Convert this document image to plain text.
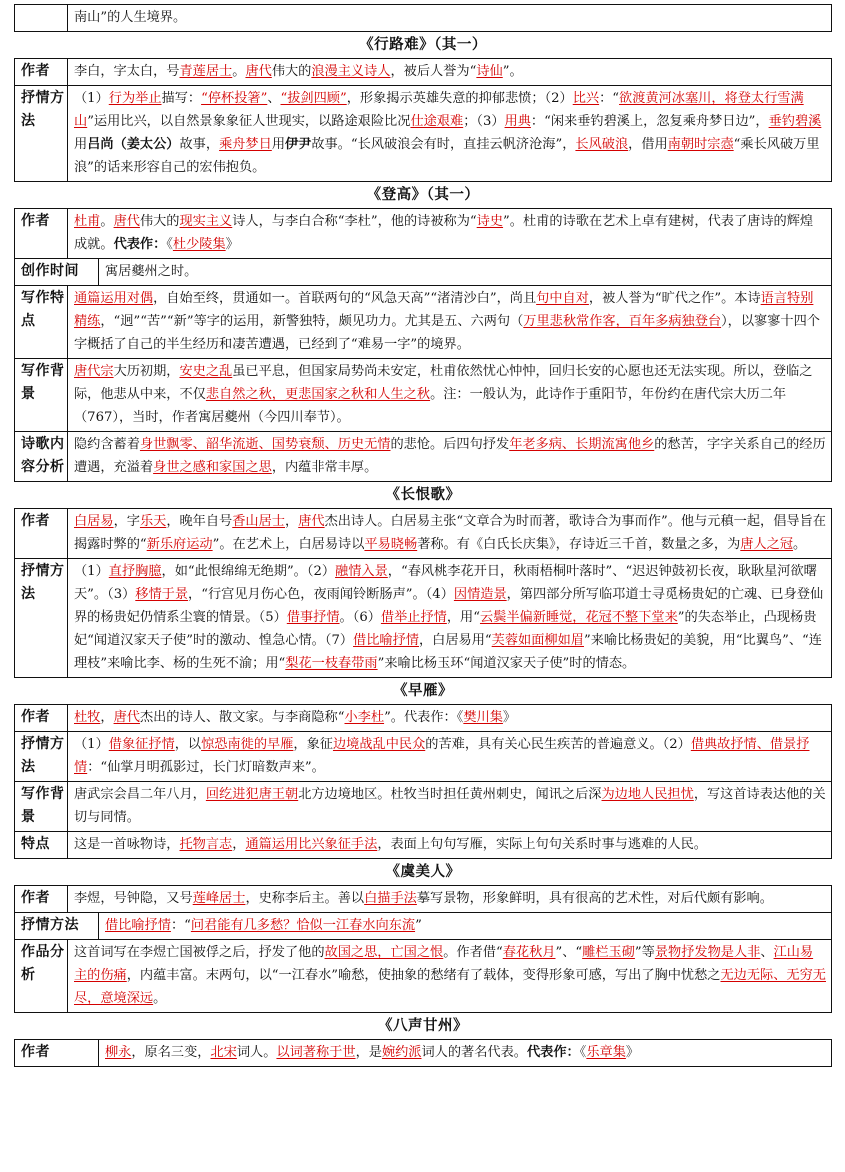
	南山”的人生境界。
《行路难》（其一）
作者	李白，字太白，号青莲居士。唐代伟大的浪漫主义诗人，被后人誉为“诗仙”。
抒情方法	（1）行为举止描写：“停杯投箸”、“拔剑四顾”，形象揭示英雄失意的抑郁悲愤；（2）比兴：“欲渡黄河冰塞川，将登太行雪满山”运用比兴，以自然景象象征人世现实，以路途艰险比况仕途艰难；（3）用典：“闲来垂钓碧溪上，忽复乘舟梦日边”，垂钓碧溪用吕尚（姜太公）故事，乘舟梦日用伊尹故事。“长风破浪会有时，直挂云帆济沧海”，长风破浪，借用南朝时宗悫“乘长风破万里浪”的话来形容自己的宏伟抱负。
《登高》（其一）
作者	杜甫。唐代伟大的现实主义诗人，与李白合称“李杜”，他的诗被称为“诗史”。杜甫的诗歌在艺术上卓有建树，代表了唐诗的辉煌成就。代表作：《杜少陵集》	
创作时间		寓居夔州之时。
写作特点	通篇运用对偶，自始至终，贯通如一。首联两句的“风急天高”“渚清沙白”，尚且句中自对，被人誉为“旷代之作”。本诗语言特别精练，“迥”“苦”“新”等字的运用，新警独特，颇见功力。尤其是五、六两句（万里悲秋常作客，百年多病独登台），以寥寥十四个字概括了自己的半生经历和凄苦遭遇，已经到了“难易一字”的境界。	
写作背景	唐代宗大历初期，安史之乱虽已平息，但国家局势尚未安定，杜甫依然忧心忡忡，回归长安的心愿也还无法实现。所以，登临之际，他悲从中来，不仅悲自然之秋，更悲国家之秋和人生之秋。注：一般认为，此诗作于重阳节，年份约在唐代宗大历二年（767），当时，作者寓居夔州（今四川奉节）。	
诗歌内容分析	隐约含蓄着身世飘零、韶华流逝、国势衰颓、历史无情的悲怆。后四句抒发年老多病、长期流寓他乡的愁苦，字字关系自己的经历遭遇，充溢着身世之感和家国之思，内蕴非常丰厚。	
《长恨歌》
作者	白居易，字乐天，晚年自号香山居士，唐代杰出诗人。白居易主张“文章合为时而著，歌诗合为事而作”。他与元稹一起，倡导旨在揭露时弊的“新乐府运动”。在艺术上，白居易诗以平易晓畅著称。有《白氏长庆集》，存诗近三千首，数量之多，为唐人之冠。
抒情方法	（1）直抒胸臆，如“此恨绵绵无绝期”。（2）融情入景，“春风桃李花开日，秋雨梧桐叶落时”、“迟迟钟鼓初长夜，耿耿星河欲曙天”。（3）移情于景，“行宫见月伤心色，夜雨闻铃断肠声”。（4）因情造景，第四部分所写临邛道士寻觅杨贵妃的亡魂、已身登仙界的杨贵妃仍情系尘寰的情景。（5）借事抒情。（6）借举止抒情，用“云鬓半偏新睡觉，花冠不整下堂来”的失态举止，凸现杨贵妃“闻道汉家天子使”时的激动、惶急心情。（7）借比喻抒情，白居易用“芙蓉如面柳如眉”来喻比杨贵妃的美貌，用“比翼鸟”、“连理枝”来喻比李、杨的生死不渝；用“梨花一枝春带雨”来喻比杨玉环“闻道汉家天子使”时的情态。
《早雁》
作者	杜牧，唐代杰出的诗人、散文家。与李商隐称“小李杜”。代表作：《樊川集》
抒情方法	（1）借象征抒情，以惊恐南徙的早雁，象征边境战乱中民众的苦难，具有关心民生疾苦的普遍意义。（2）借典故抒情、借景抒情：“仙掌月明孤影过，长门灯暗数声来”。
写作背景	唐武宗会昌二年八月，回纥进犯唐王朝北方边境地区。杜牧当时担任黄州刺史，闻讯之后深为边地人民担忧，写这首诗表达他的关切与同情。
特点	这是一首咏物诗，托物言志，通篇运用比兴象征手法，表面上句句写雁，实际上句句关系时事与逃难的人民。
《虞美人》
作者	李煜，号钟隐，又号莲峰居士，史称李后主。善以白描手法摹写景物，形象鲜明，具有很高的艺术性，对后代颇有影响。	
抒情方法		借比喻抒情：“问君能有几多愁？恰似一江春水向东流”
作品分析	这首词写在李煜亡国被俘之后，抒发了他的故国之思，亡国之恨。作者借“春花秋月”、“雕栏玉砌”等景物抒发物是人非、江山易主的伤痛，内蕴丰富。末两句，以“一江春水”喻愁，使抽象的愁绪有了载体，变得形象可感，写出了胸中忧愁之无边无际、无穷无尽，意境深远。	
《八声甘州》
作者	柳永，原名三变，北宋词人。以词著称于世，是婉约派词人的著名代表。代表作：《乐章集》
